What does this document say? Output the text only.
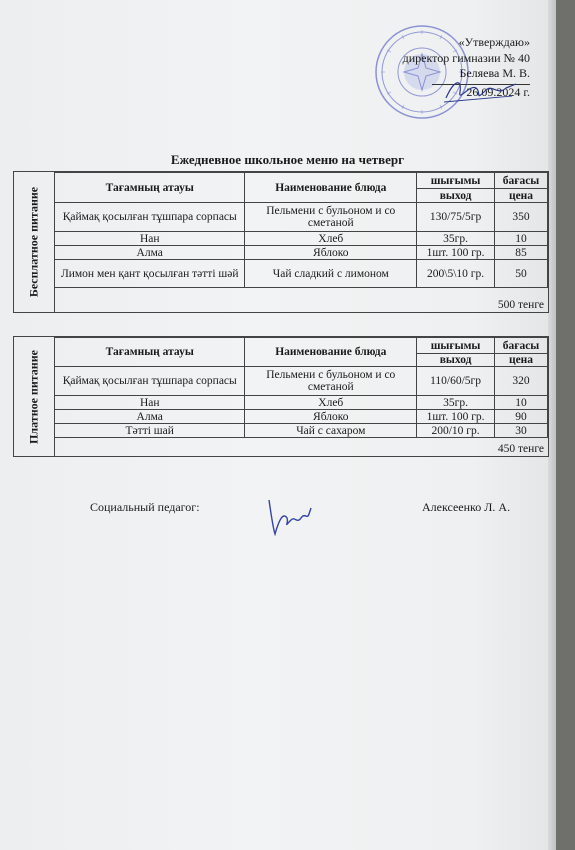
«Утверждаю»
директор гимназии № 40
Беляева М. В.
26.09.2024 г.
Ежедневное школьное меню на четверг
Бесплатное питание	Тағамның атауы	Наименование блюда	шығымы	бағасы
		выход	цена
Қаймақ қосылған тұшпара сорпасы	Пельмени с бульоном и со сметаной	130/75/5гр	350
Нан	Хлеб	35гр.	10
Алма	Яблоко	1шт. 100 гр.	85
Лимон мен қант қосылған тәтті шәй	Чай сладкий с лимоном	200\5\10 гр.	50
500 тенге
Платное питание	Тағамның атауы	Наименование блюда	шығымы	бағасы
		выход	цена
Қаймақ қосылған тұшпара сорпасы	Пельмени с бульоном и со сметаной	110/60/5гр	320
Нан	Хлеб	35гр.	10
Алма	Яблоко	1шт. 100 гр.	90
Тәтті шай	Чай с сахаром	200/10 гр.	30
450 тенге
Социальный педагог:	Алексеенко Л. А.
